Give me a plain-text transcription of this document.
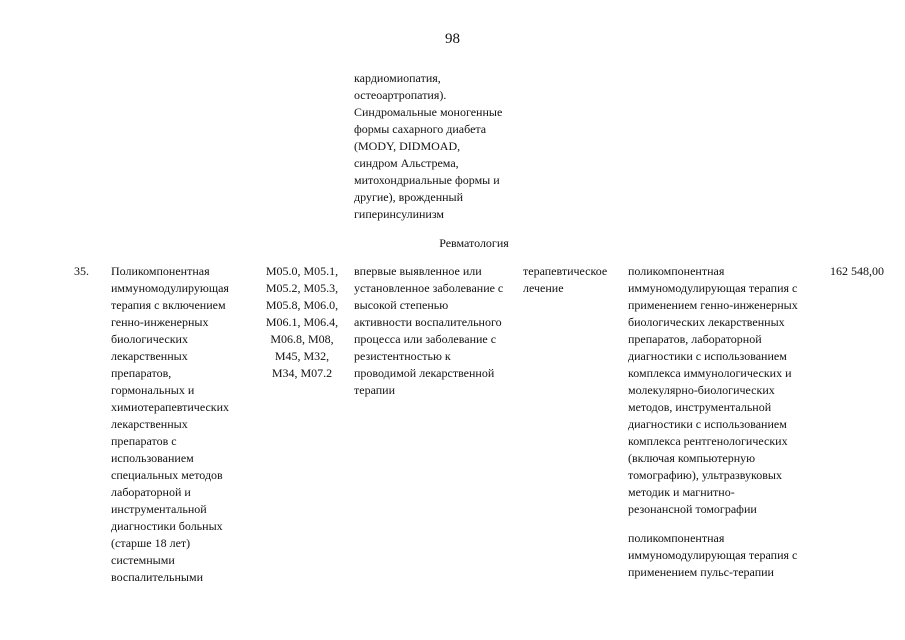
98
кардиомиопатия,
остеоартропатия).
Синдромальные моногенные
формы сахарного диабета
(MODY, DIDMOAD,
синдром Альстрема,
митохондриальные формы и
другие), врожденный
гиперинсулинизм
Ревматология
35. Поликомпонентная
иммуномодулирующая
терапия с включением
генно-инженерных
биологических
лекарственных
препаратов,
гормональных и
химиотерапевтических
лекарственных
препаратов с
использованием
специальных методов
лабораторной и
инструментальной
диагностики больных
(старше 18 лет)
системными
воспалительными
M05.0, M05.1,
M05.2, M05.3,
M05.8, M06.0,
M06.1, M06.4,
M06.8, M08,
M45, M32,
M34, M07.2
впервые выявленное или
установленное заболевание с
высокой степенью
активности воспалительного
процесса или заболевание с
резистентностью к
проводимой лекарственной
терапии
терапевтическое
лечение
поликомпонентная
иммуномодулирующая терапия с
применением генно-инженерных
биологических лекарственных
препаратов, лабораторной
диагностики с использованием
комплекса иммунологических и
молекулярно-биологических
методов, инструментальной
диагностики с использованием
комплекса рентгенологических
(включая компьютерную
томографию), ультразвуковых
методик и магнитно-
резонансной томографии
поликомпонентная
иммуномодулирующая терапия с
применением пульс-терапии
162 548,00
